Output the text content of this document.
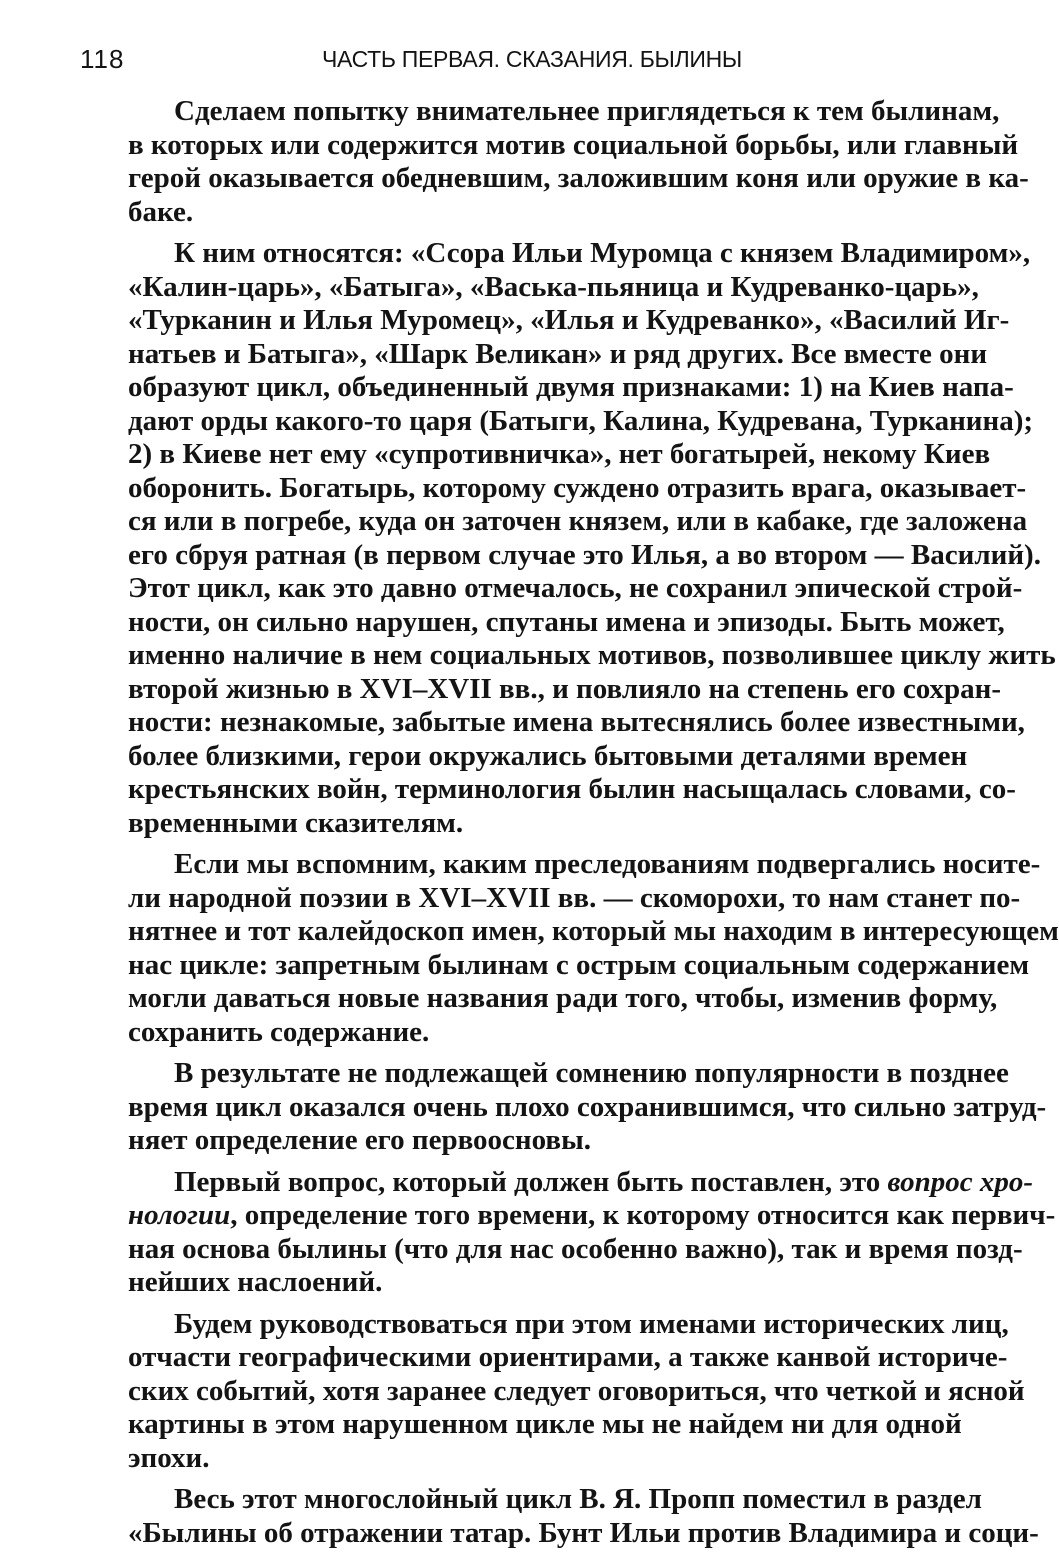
118	ЧАСТЬ ПЕРВАЯ. СКАЗАНИЯ. БЫЛИНЫ
Сделаем попытку внимательнее приглядеться к тем былинам,
в которых или содержится мотив социальной борьбы, или главный
герой оказывается обедневшим, заложившим коня или оружие в ка-
баке.
К ним относятся: «Ссора Ильи Муромца с князем Владимиром»,
«Калин-царь», «Батыга», «Васька-пьяница и Кудреванко-царь»,
«Турканин и Илья Муромец», «Илья и Кудреванко», «Василий Иг-
натьев и Батыга», «Шарк Великан» и ряд других. Все вместе они
образуют цикл, объединенный двумя признаками: 1) на Киев напа-
дают орды какого-то царя (Батыги, Калина, Кудревана, Турканина);
2) в Киеве нет ему «супротивничка», нет богатырей, некому Киев
оборонить. Богатырь, которому суждено отразить врага, оказывает-
ся или в погребе, куда он заточен князем, или в кабаке, где заложена
его сбруя ратная (в первом случае это Илья, а во втором — Василий).
Этот цикл, как это давно отмечалось, не сохранил эпической строй-
ности, он сильно нарушен, спутаны имена и эпизоды. Быть может,
именно наличие в нем социальных мотивов, позволившее циклу жить
второй жизнью в XVI–XVII вв., и повлияло на степень его сохран-
ности: незнакомые, забытые имена вытеснялись более известными,
более близкими, герои окружались бытовыми деталями времен
крестьянских войн, терминология былин насыщалась словами, со-
временными сказителям.
Если мы вспомним, каким преследованиям подвергались носите-
ли народной поэзии в XVI–XVII вв. — скоморохи, то нам станет по-
нятнее и тот калейдоскоп имен, который мы находим в интересующем
нас цикле: запретным былинам с острым социальным содержанием
могли даваться новые названия ради того, чтобы, изменив форму,
сохранить содержание.
В результате не подлежащей сомнению популярности в позднее
время цикл оказался очень плохо сохранившимся, что сильно затруд-
няет определение его первоосновы.
Первый вопрос, который должен быть поставлен, это вопрос хро-
нологии, определение того времени, к которому относится как первич-
ная основа былины (что для нас особенно важно), так и время позд-
нейших наслоений.
Будем руководствоваться при этом именами исторических лиц,
отчасти географическими ориентирами, а также канвой историче-
ских событий, хотя заранее следует оговориться, что четкой и ясной
картины в этом нарушенном цикле мы не найдем ни для одной
эпохи.
Весь этот многослойный цикл В. Я. Пропп поместил в раздел
«Былины об отражении татар. Бунт Ильи против Владимира и соци-
